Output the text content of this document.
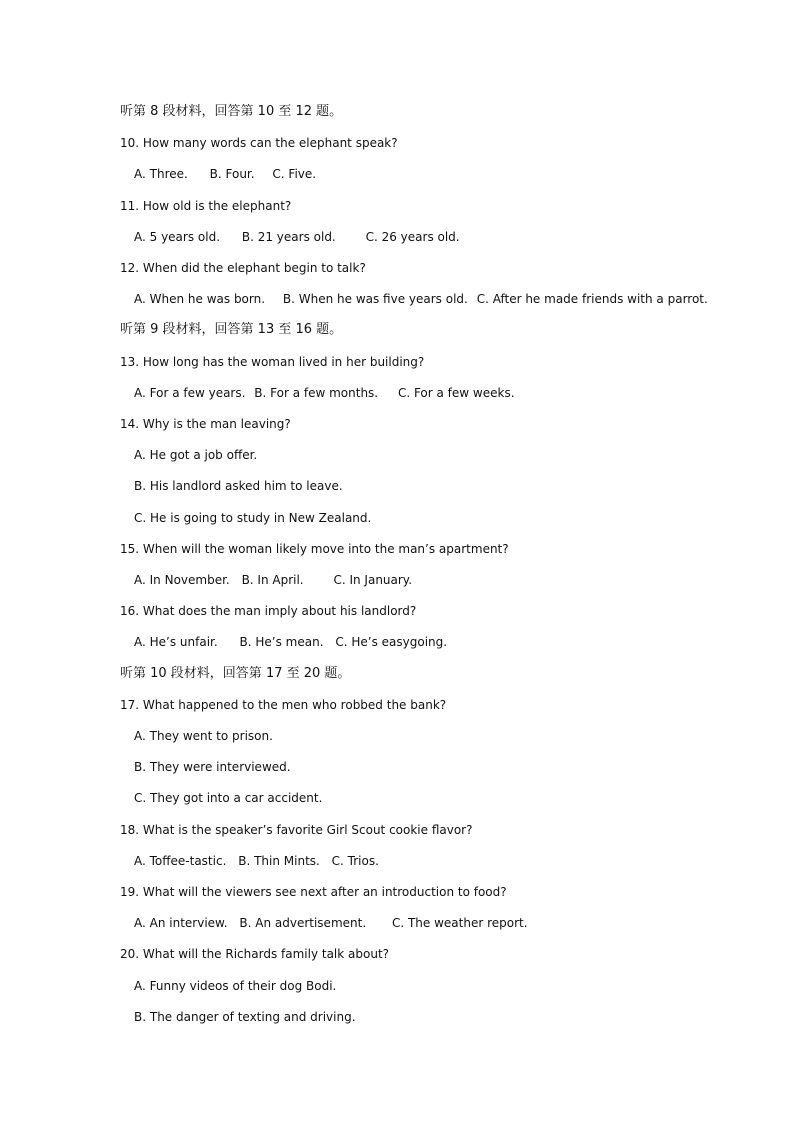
听第 8 段材料，回答第 10 至 12 题。
10. How many words can the elephant speak?
A. Three. B. Four. C. Five.
11. How old is the elephant?
A. 5 years old. B. 21 years old. C. 26 years old.
12. When did the elephant begin to talk?
A. When he was born. B. When he was five years old. C. After he made friends with a parrot.
听第 9 段材料，回答第 13 至 16 题。
13. How long has the woman lived in her building?
A. For a few years. B. For a few months. C. For a few weeks.
14. Why is the man leaving?
A. He got a job offer.
B. His landlord asked him to leave.
C. He is going to study in New Zealand.
15. When will the woman likely move into the man’s apartment?
A. In November. B. In April. C. In January.
16. What does the man imply about his landlord?
A. He’s unfair. B. He’s mean. C. He’s easygoing.
听第 10 段材料，回答第 17 至 20 题。
17. What happened to the men who robbed the bank?
A. They went to prison.
B. They were interviewed.
C. They got into a car accident.
18. What is the speaker’s favorite Girl Scout cookie flavor?
A. Toffee-tastic. B. Thin Mints. C. Trios.
19. What will the viewers see next after an introduction to food?
A. An interview. B. An advertisement. C. The weather report.
20. What will the Richards family talk about?
A. Funny videos of their dog Bodi.
B. The danger of texting and driving.
